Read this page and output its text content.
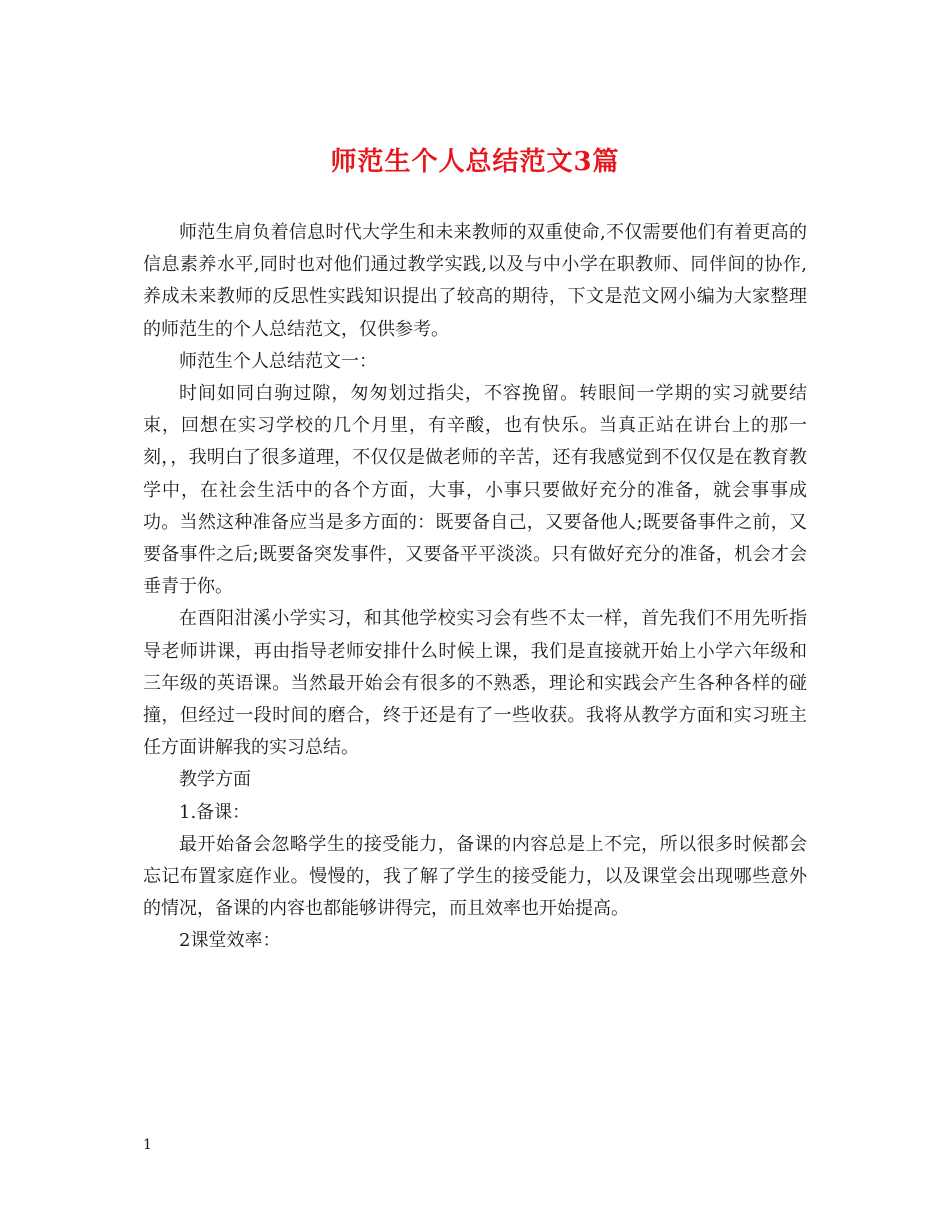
师范生个人总结范文3篇

师范生肩负着信息时代大学生和未来教师的双重使命,不仅需要他们有着更高的信息素养水平,同时也对他们通过教学实践,以及与中小学在职教师、同伴间的协作,养成未来教师的反思性实践知识提出了较高的期待，下文是范文网小编为大家整理的师范生的个人总结范文，仅供参考。

师范生个人总结范文一：

时间如同白驹过隙，匆匆划过指尖，不容挽留。转眼间一学期的实习就要结束，回想在实习学校的几个月里，有辛酸，也有快乐。当真正站在讲台上的那一刻，，我明白了很多道理，不仅仅是做老师的辛苦，还有我感觉到不仅仅是在教育教学中，在社会生活中的各个方面，大事，小事只要做好充分的准备，就会事事成功。当然这种准备应当是多方面的：既要备自己，又要备他人;既要备事件之前，又要备事件之后;既要备突发事件，又要备平平淡淡。只有做好充分的准备，机会才会垂青于你。

在酉阳泔溪小学实习，和其他学校实习会有些不太一样，首先我们不用先听指导老师讲课，再由指导老师安排什么时候上课，我们是直接就开始上小学六年级和三年级的英语课。当然最开始会有很多的不熟悉，理论和实践会产生各种各样的碰撞，但经过一段时间的磨合，终于还是有了一些收获。我将从教学方面和实习班主任方面讲解我的实习总结。

教学方面

1.备课：

最开始备会忽略学生的接受能力，备课的内容总是上不完，所以很多时候都会忘记布置家庭作业。慢慢的，我了解了学生的接受能力，以及课堂会出现哪些意外的情况，备课的内容也都能够讲得完，而且效率也开始提高。

2课堂效率：

1
